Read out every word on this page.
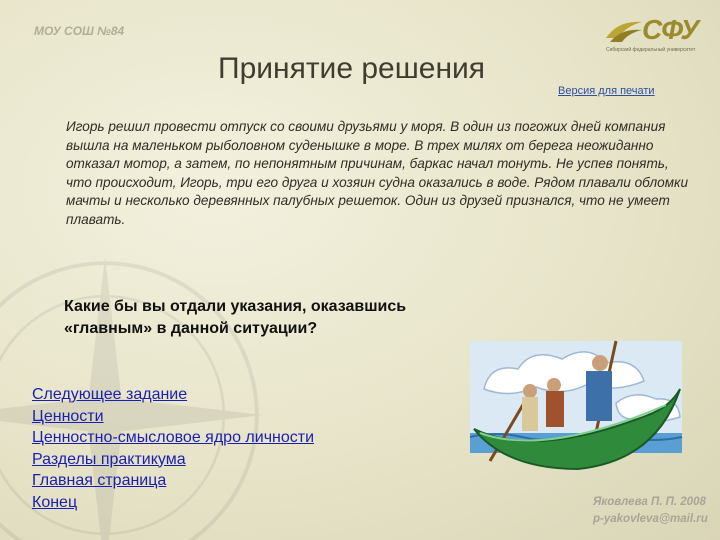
МОУ СОШ №84	СФУ
Сибирский федеральный университет
Принятие решения
Версия для печати
Игорь решил провести отпуск со своими друзьями у моря. В один из погожих дней компания вышла на маленьком рыболовном суденышке в море. В трех милях от берега неожиданно отказал мотор, а затем, по непонятным причинам, баркас начал тонуть. Не успев понять, что происходит, Игорь, три его друга и хозяин судна оказались в воде. Рядом плавали обломки мачты и несколько деревянных палубных решеток. Один из друзей признался, что не умеет плавать.
Какие бы вы отдали указания, оказавшись «главным» в данной ситуации?
Следующее задание
Ценности
Ценностно-смысловое ядро личности
Разделы практикума
Главная страница
Конец	Яковлева П. П. 2008
p-yakovleva@mail.ru
